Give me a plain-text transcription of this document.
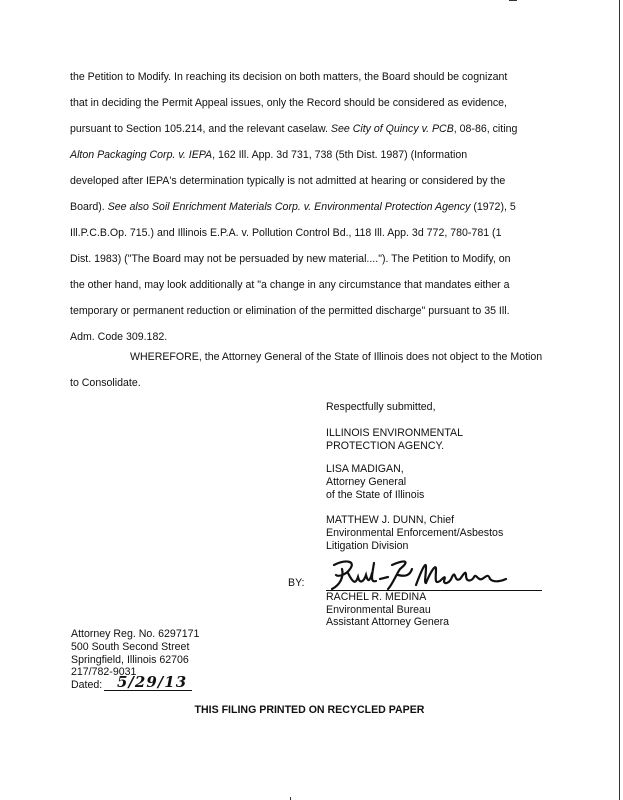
the Petition to Modify. In reaching its decision on both matters, the Board should be cognizant
that in deciding the Permit Appeal issues, only the Record should be considered as evidence,
pursuant to Section 105.214, and the relevant caselaw. See City of Quincy v. PCB, 08-86, citing
Alton Packaging Corp. v. IEPA, 162 Ill. App. 3d 731, 738 (5th Dist. 1987) (Information
developed after IEPA's determination typically is not admitted at hearing or considered by the
Board). See also Soil Enrichment Materials Corp. v. Environmental Protection Agency (1972), 5
Ill.P.C.B.Op. 715.) and Illinois E.P.A. v. Pollution Control Bd., 118 Ill. App. 3d 772, 780-781 (1
Dist. 1983) ("The Board may not be persuaded by new material...."). The Petition to Modify, on
the other hand, may look additionally at "a change in any circumstance that mandates either a
temporary or permanent reduction or elimination of the permitted discharge" pursuant to 35 Ill.
Adm. Code 309.182.
WHEREFORE, the Attorney General of the State of Illinois does not object to the Motion
to Consolidate.
Respectfully submitted,
ILLINOIS ENVIRONMENTAL
PROTECTION AGENCY.
LISA MADIGAN,
Attorney General
of the State of Illinois
MATTHEW J. DUNN, Chief
Environmental Enforcement/Asbestos
Litigation Division
BY:
RACHEL R. MEDINA
Environmental Bureau
Assistant Attorney Genera
Attorney Reg. No. 6297171
500 South Second Street
Springfield, Illinois 62706
217/782-9031
Dated: 5/29/13
THIS FILING PRINTED ON RECYCLED PAPER
